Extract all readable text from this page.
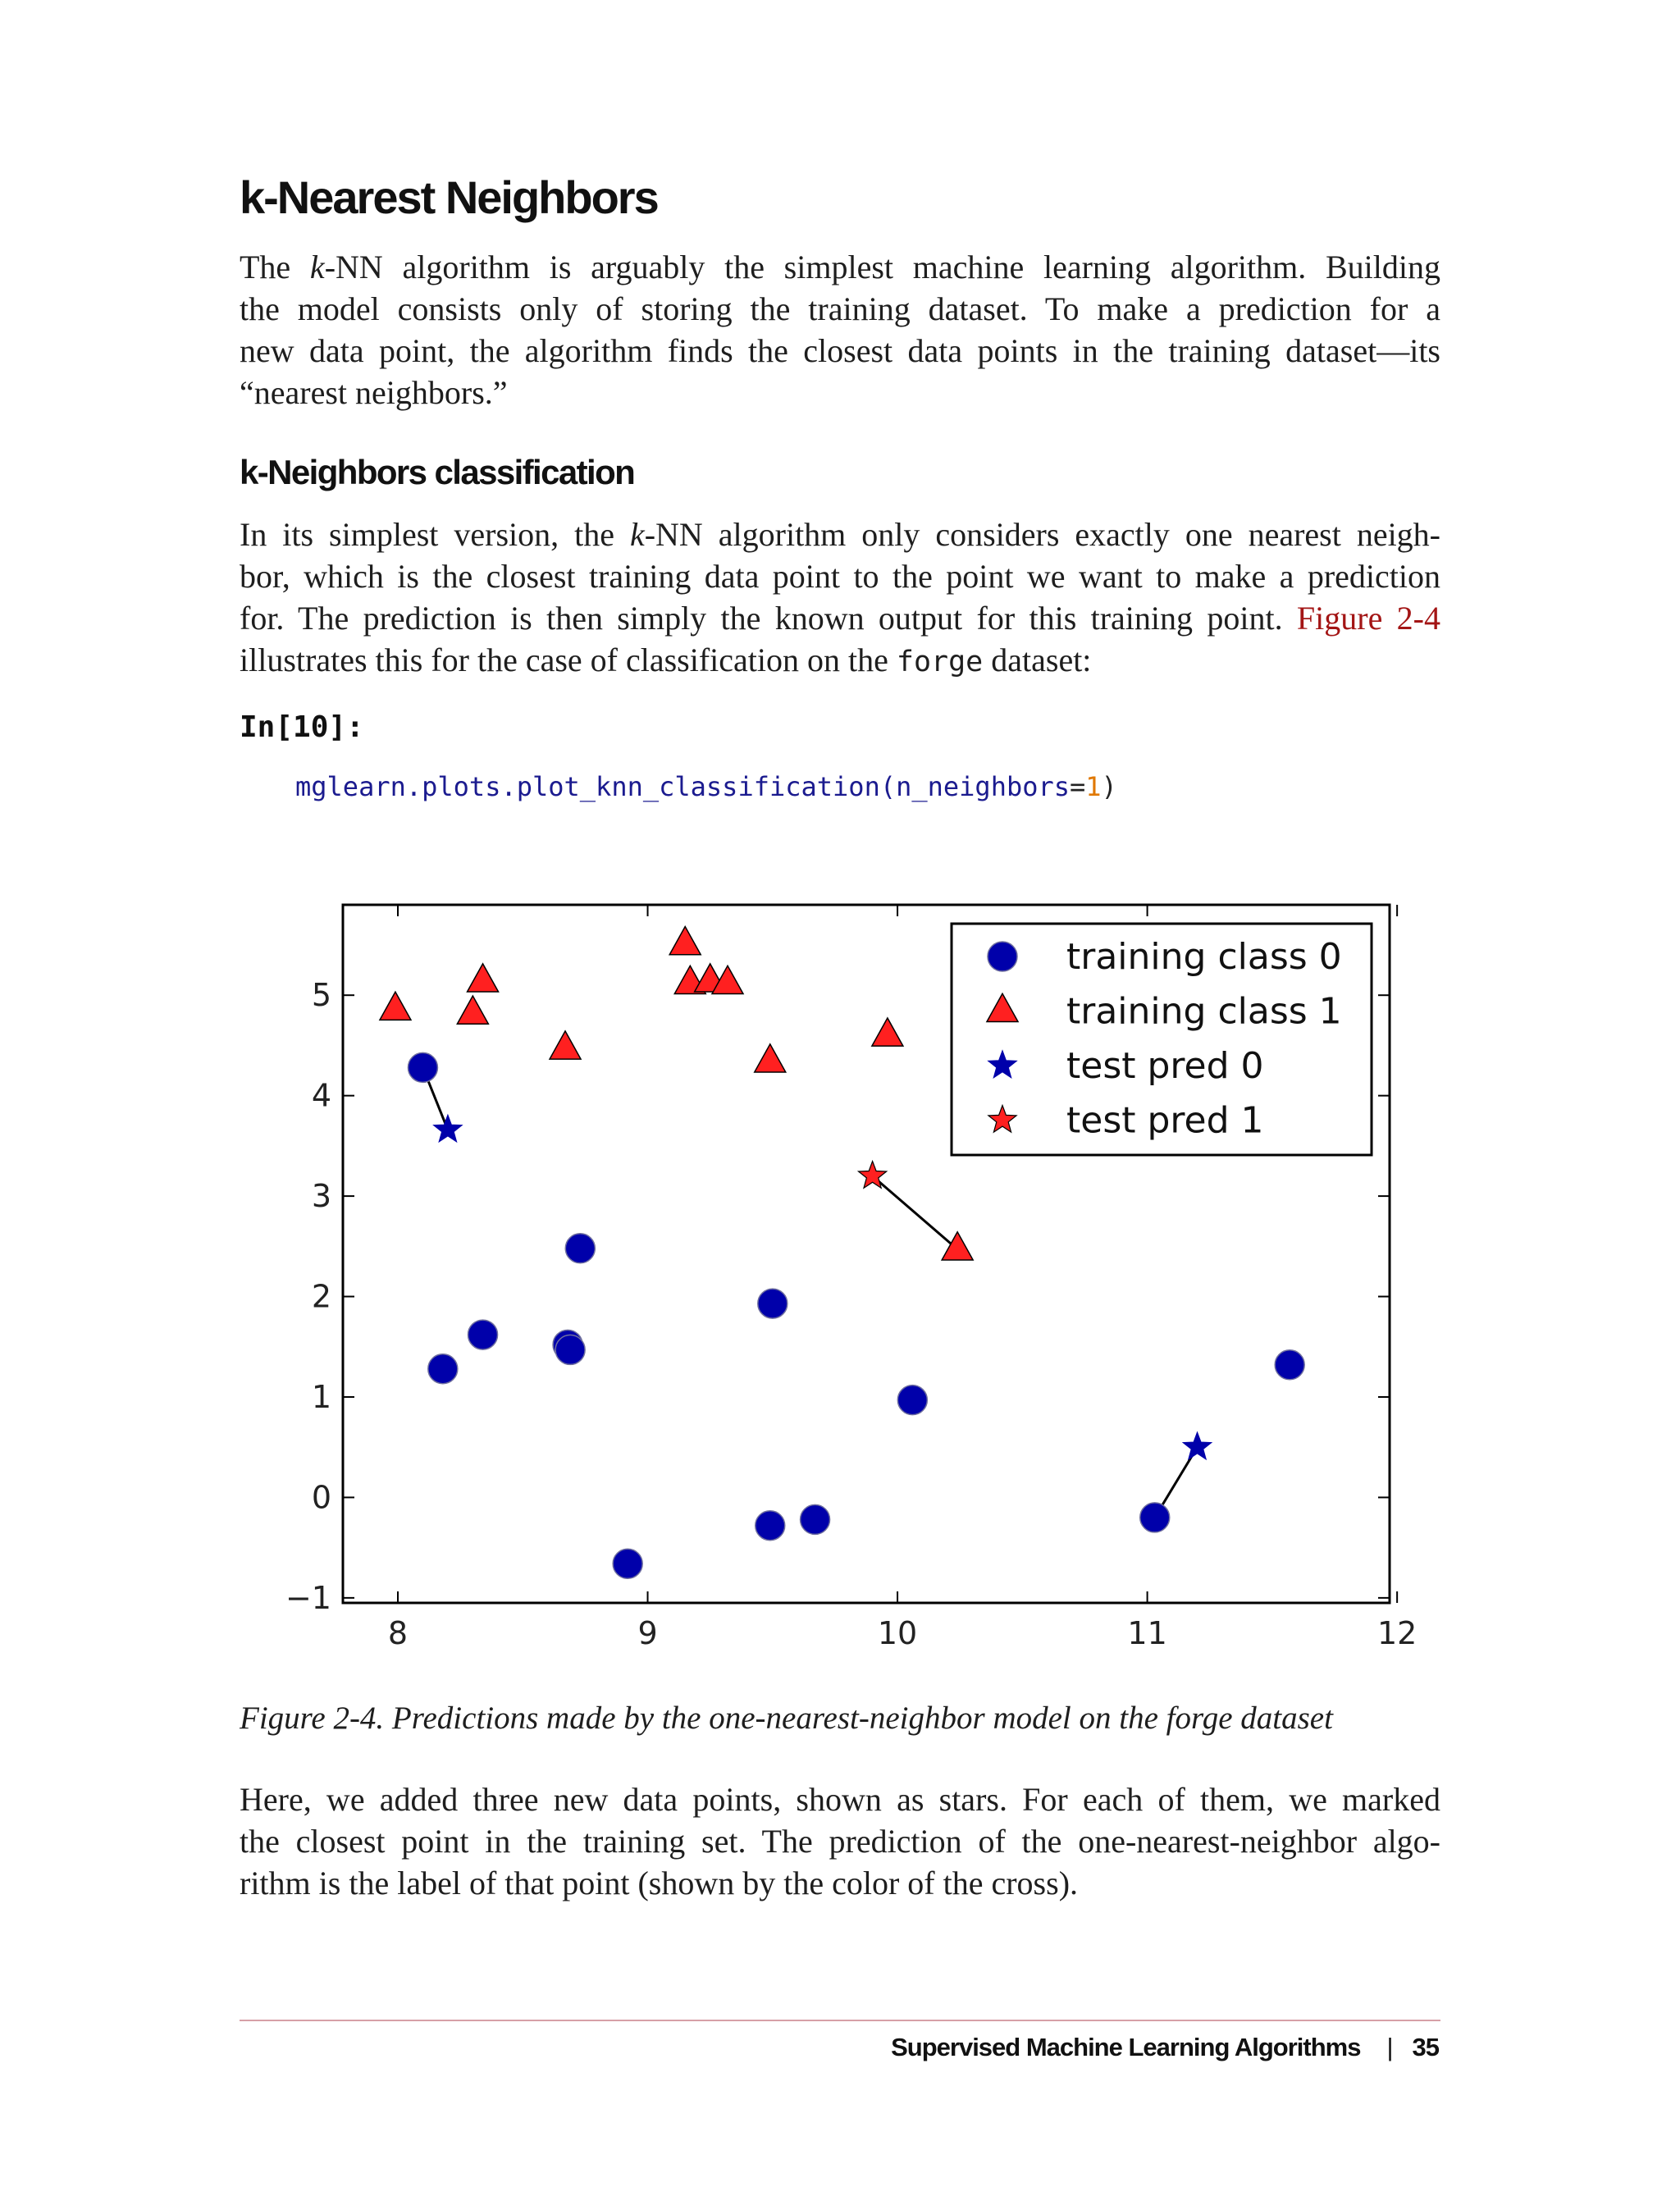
k-Nearest Neighbors
The k-NN algorithm is arguably the simplest machine learning algorithm. Building
the model consists only of storing the training dataset. To make a prediction for a
new data point, the algorithm finds the closest data points in the training dataset—its
“nearest neighbors.”
k-Neighbors classification
In its simplest version, the k-NN algorithm only considers exactly one nearest neigh-
bor, which is the closest training data point to the point we want to make a prediction
for. The prediction is then simply the known output for this training point. Figure 2-4
illustrates this for the case of classification on the forge dataset:
In[10]:
mglearn.plots.plot_knn_classification(n_neighbors=1)
8	9	10	11	12
−1
0
1
2
3
4
5
training class 0
training class 1
test pred 0
test pred 1
Figure 2-4. Predictions made by the one-nearest-neighbor model on the forge dataset
Here, we added three new data points, shown as stars. For each of them, we marked
the closest point in the training set. The prediction of the one-nearest-neighbor algo-
rithm is the label of that point (shown by the color of the cross).
Supervised Machine Learning Algorithms | 35
